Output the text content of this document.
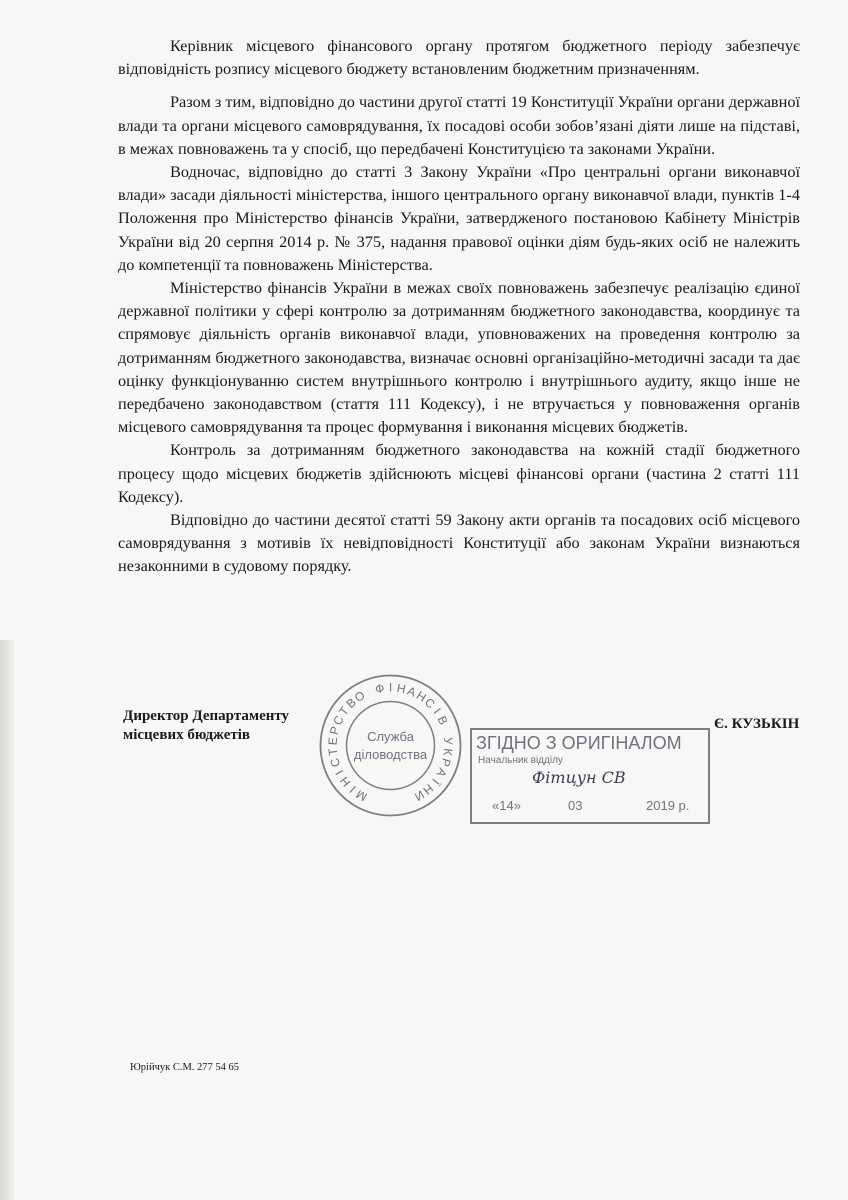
Керівник місцевого фінансового органу протягом бюджетного періоду забезпечує відповідність розпису місцевого бюджету встановленим бюджетним призначенням.

Разом з тим, відповідно до частини другої статті 19 Конституції України органи державної влади та органи місцевого самоврядування, їх посадові особи зобов’язані діяти лише на підставі, в межах повноважень та у спосіб, що передбачені Конституцією та законами України.

Водночас, відповідно до статті 3 Закону України «Про центральні органи виконавчої влади» засади діяльності міністерства, іншого центрального органу виконавчої влади, пунктів 1-4 Положення про Міністерство фінансів України, затвердженого постановою Кабінету Міністрів України від 20 серпня 2014 р. № 375, надання правової оцінки діям будь-яких осіб не належить до компетенції та повноважень Міністерства.

Міністерство фінансів України в межах своїх повноважень забезпечує реалізацію єдиної державної політики у сфері контролю за дотриманням бюджетного законодавства, координує та спрямовує діяльність органів виконавчої влади, уповноважених на проведення контролю за дотриманням бюджетного законодавства, визначає основні організаційно-методичні засади та дає оцінку функціонуванню систем внутрішнього контролю і внутрішнього аудиту, якщо інше не передбачено законодавством (стаття 111 Кодексу), і не втручається у повноваження органів місцевого самоврядування та процес формування і виконання місцевих бюджетів.

Контроль за дотриманням бюджетного законодавства на кожній стадії бюджетного процесу щодо місцевих бюджетів здійснюють місцеві фінансові органи (частина 2 статті 111 Кодексу).

Відповідно до частини десятої статті 59 Закону акти органів та посадових осіб місцевого самоврядування з мотивів їх невідповідності Конституції або законам України визнаються незаконними в судовому порядку.

Директор Департаменту
місцевих бюджетів
Є. КУЗЬКІН
М
І
Н
І
С
Т
Е
Р
С
Т
В
О Ф І Н
А
Н
С
І
В
У
К
Р
А
Ї
Н
И
Служба
діловодства
ЗГІДНО З ОРИГІНАЛОМ
Начальник відділу
Фітцун СВ
«14»	03	2019 р.
Юрійчук С.М. 277 54 65
